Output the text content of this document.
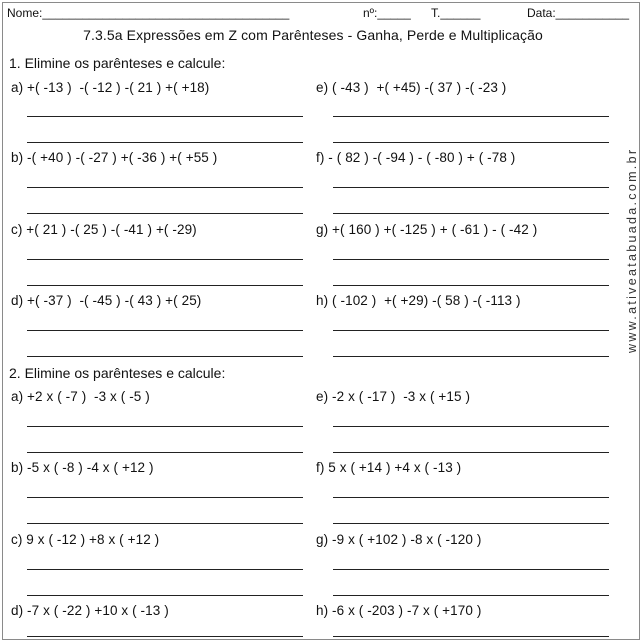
Nome:_____________________________________	nº:_____ T.______	Data:___________
7.3.5a Expressões em Z com Parênteses - Ganha, Perde e Multiplicação
1. Elimine os parênteses e calcule:
a) +( -13 )  -( -12 ) -( 21 ) +( +18)	e) ( -43 )  +( +45) -( 37 ) -( -23 )
b) -( +40 ) -( -27 ) +( -36 ) +( +55 )	f) - ( 82 ) -( -94 ) - ( -80 ) + ( -78 )
c) +( 21 ) -( 25 ) -( -41 ) +( -29)	g) +( 160 ) +( -125 ) + ( -61 ) - ( -42 )
d) +( -37 )  -( -45 ) -( 43 ) +( 25)	h) ( -102 )  +( +29) -( 58 ) -( -113 )
2. Elimine os parênteses e calcule:
a) +2 x ( -7 )  -3 x ( -5 )	e) -2 x ( -17 )  -3 x ( +15 )
b) -5 x ( -8 ) -4 x ( +12 )	f) 5 x ( +14 ) +4 x ( -13 )
c) 9 x ( -12 ) +8 x ( +12 )	g) -9 x ( +102 ) -8 x ( -120 )
d) -7 x ( -22 ) +10 x ( -13 )	h) -6 x ( -203 ) -7 x ( +170 )
www.ativeatabuada.com.br
